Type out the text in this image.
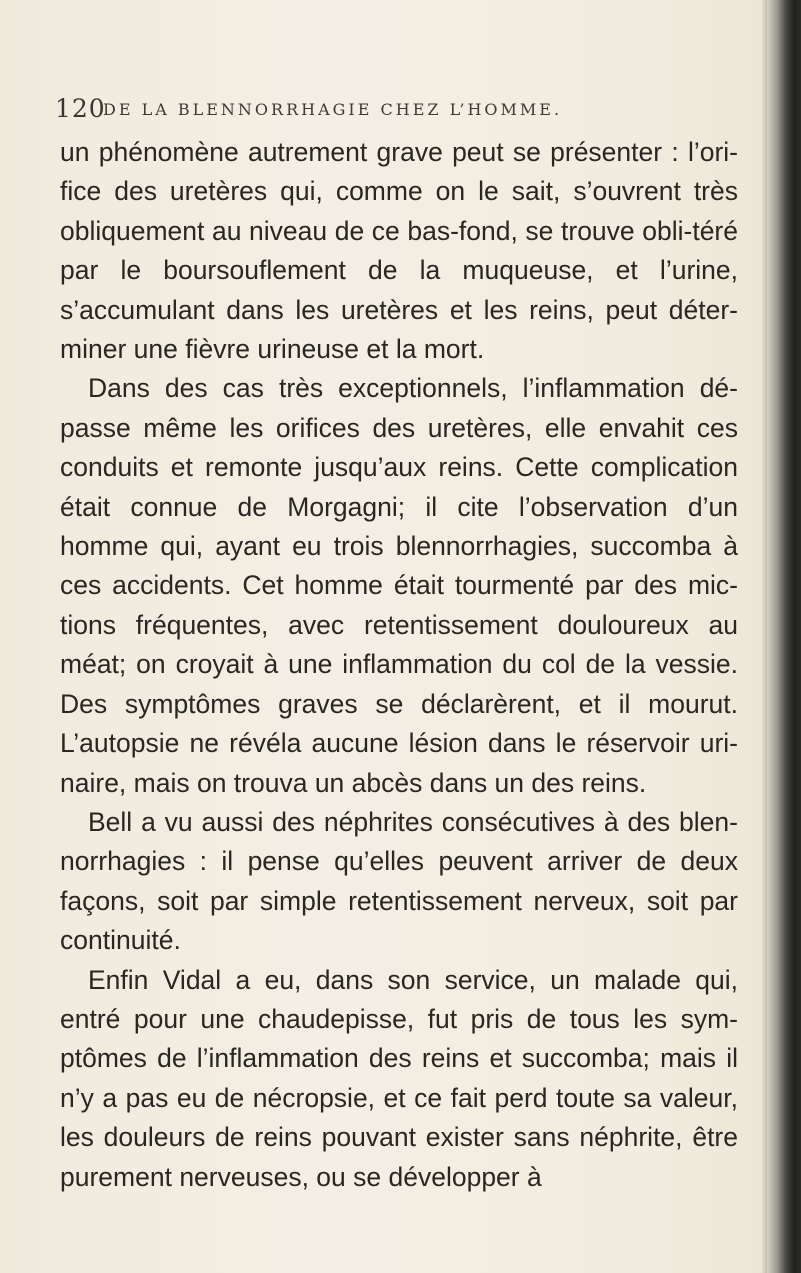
120
DE LA BLENNORRHAGIE CHEZ L’HOMME.

un phénomène autrement grave peut se présenter : l’ori-fice des uretères qui, comme on le sait, s’ouvrent très obliquement au niveau de ce bas-fond, se trouve obli-téré par le boursouflement de la muqueuse, et l’urine, s’accumulant dans les uretères et les reins, peut déter-miner une fièvre urineuse et la mort.

Dans des cas très exceptionnels, l’inflammation dé-passe même les orifices des uretères, elle envahit ces conduits et remonte jusqu’aux reins. Cette complication était connue de Morgagni; il cite l’observation d’un homme qui, ayant eu trois blennorrhagies, succomba à ces accidents. Cet homme était tourmenté par des mic-tions fréquentes, avec retentissement douloureux au méat; on croyait à une inflammation du col de la vessie. Des symptômes graves se déclarèrent, et il mourut. L’autopsie ne révéla aucune lésion dans le réservoir uri-naire, mais on trouva un abcès dans un des reins.

Bell a vu aussi des néphrites consécutives à des blen-norrhagies : il pense qu’elles peuvent arriver de deux façons, soit par simple retentissement nerveux, soit par continuité.

Enfin Vidal a eu, dans son service, un malade qui, entré pour une chaudepisse, fut pris de tous les sym-ptômes de l’inflammation des reins et succomba; mais il n’y a pas eu de nécropsie, et ce fait perd toute sa valeur, les douleurs de reins pouvant exister sans néphrite, être purement nerveuses, ou se développer à
